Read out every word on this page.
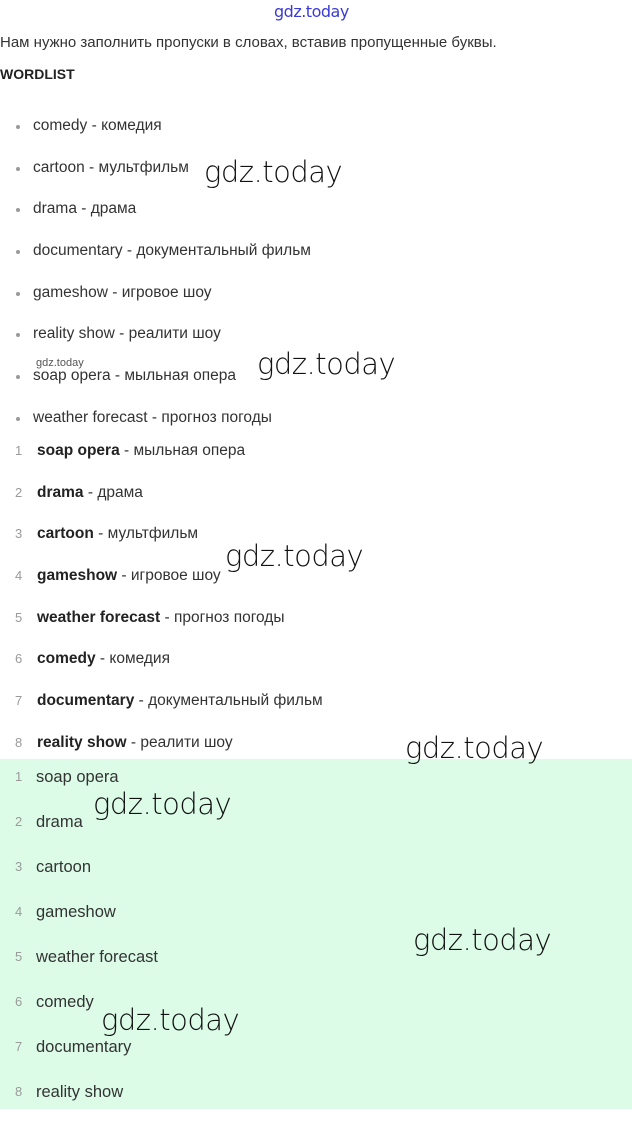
gdz.today
Нам нужно заполнить пропуски в словах, вставив пропущенные буквы.
WORDLIST
comedy - комедия
cartoon - мультфильм
drama - драма
documentary - документальный фильм
gameshow - игровое шоу
reality show - реалити шоу
soap opera - мыльная опера
weather forecast - прогноз погоды
1 soap opera - мыльная опера
2 drama - драма
3 cartoon - мультфильм
4 gameshow - игровое шоу
5 weather forecast - прогноз погоды
6 comedy - комедия
7 documentary - документальный фильм
8 reality show - реалити шоу
1 soap opera
2 drama
3 cartoon
4 gameshow
5 weather forecast
6 comedy
7 documentary
8 reality show
gdz.today
gdz.today	gdz.today
gdz.today
gdz.today
gdz.today
gdz.today
gdz.today
